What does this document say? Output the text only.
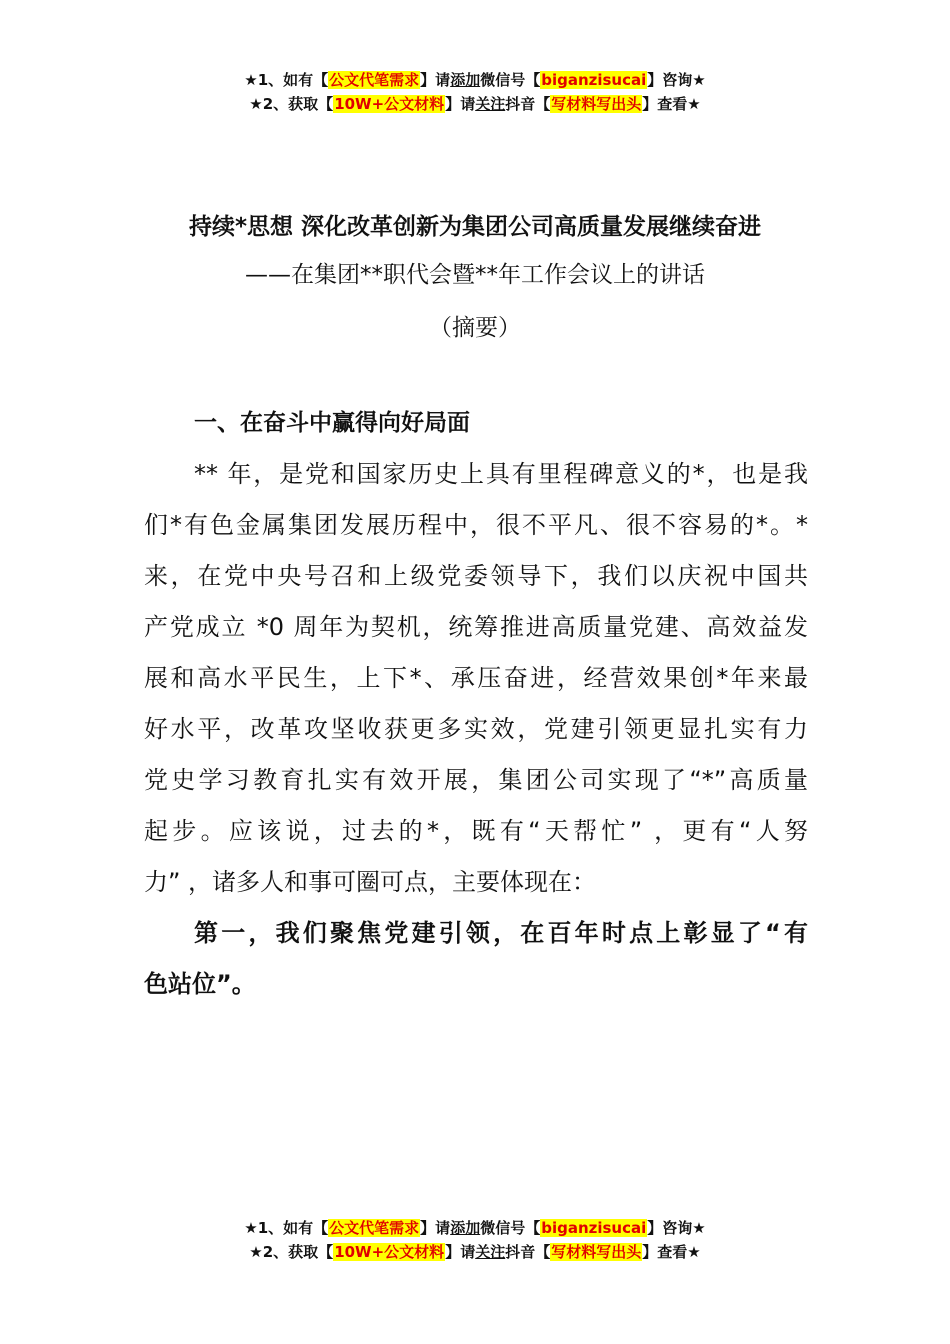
★1、如有【公文代笔需求】请添加微信号【biganzisucai】咨询★
★2、获取【10W+公文材料】请关注抖音【写材料写出头】查看★
持续*思想 深化改革创新为集团公司高质量发展继续奋进
——在集团**职代会暨**年工作会议上的讲话
（摘要）
一、在奋斗中赢得向好局面
** 年，是党和国家历史上具有里程碑意义的*，也是我
们*有色金属集团发展历程中，很不平凡、很不容易的*。*
来，在党中央号召和上级党委领导下，我们以庆祝中国共
产党成立 *0 周年为契机，统筹推进高质量党建、高效益发
展和高水平民生，上下*、承压奋进，经营效果创*年来最
好水平，改革攻坚收获更多实效，党建引领更显扎实有力
党史学习教育扎实有效开展，集团公司实现了“*”高质量
起步。应该说，过去的*，既有“天帮忙” ，更有“人努
力” ，诸多人和事可圈可点，主要体现在：
第一，我们聚焦党建引领，在百年时点上彰显了“有
色站位”。
★1、如有【公文代笔需求】请添加微信号【biganzisucai】咨询★
★2、获取【10W+公文材料】请关注抖音【写材料写出头】查看★
